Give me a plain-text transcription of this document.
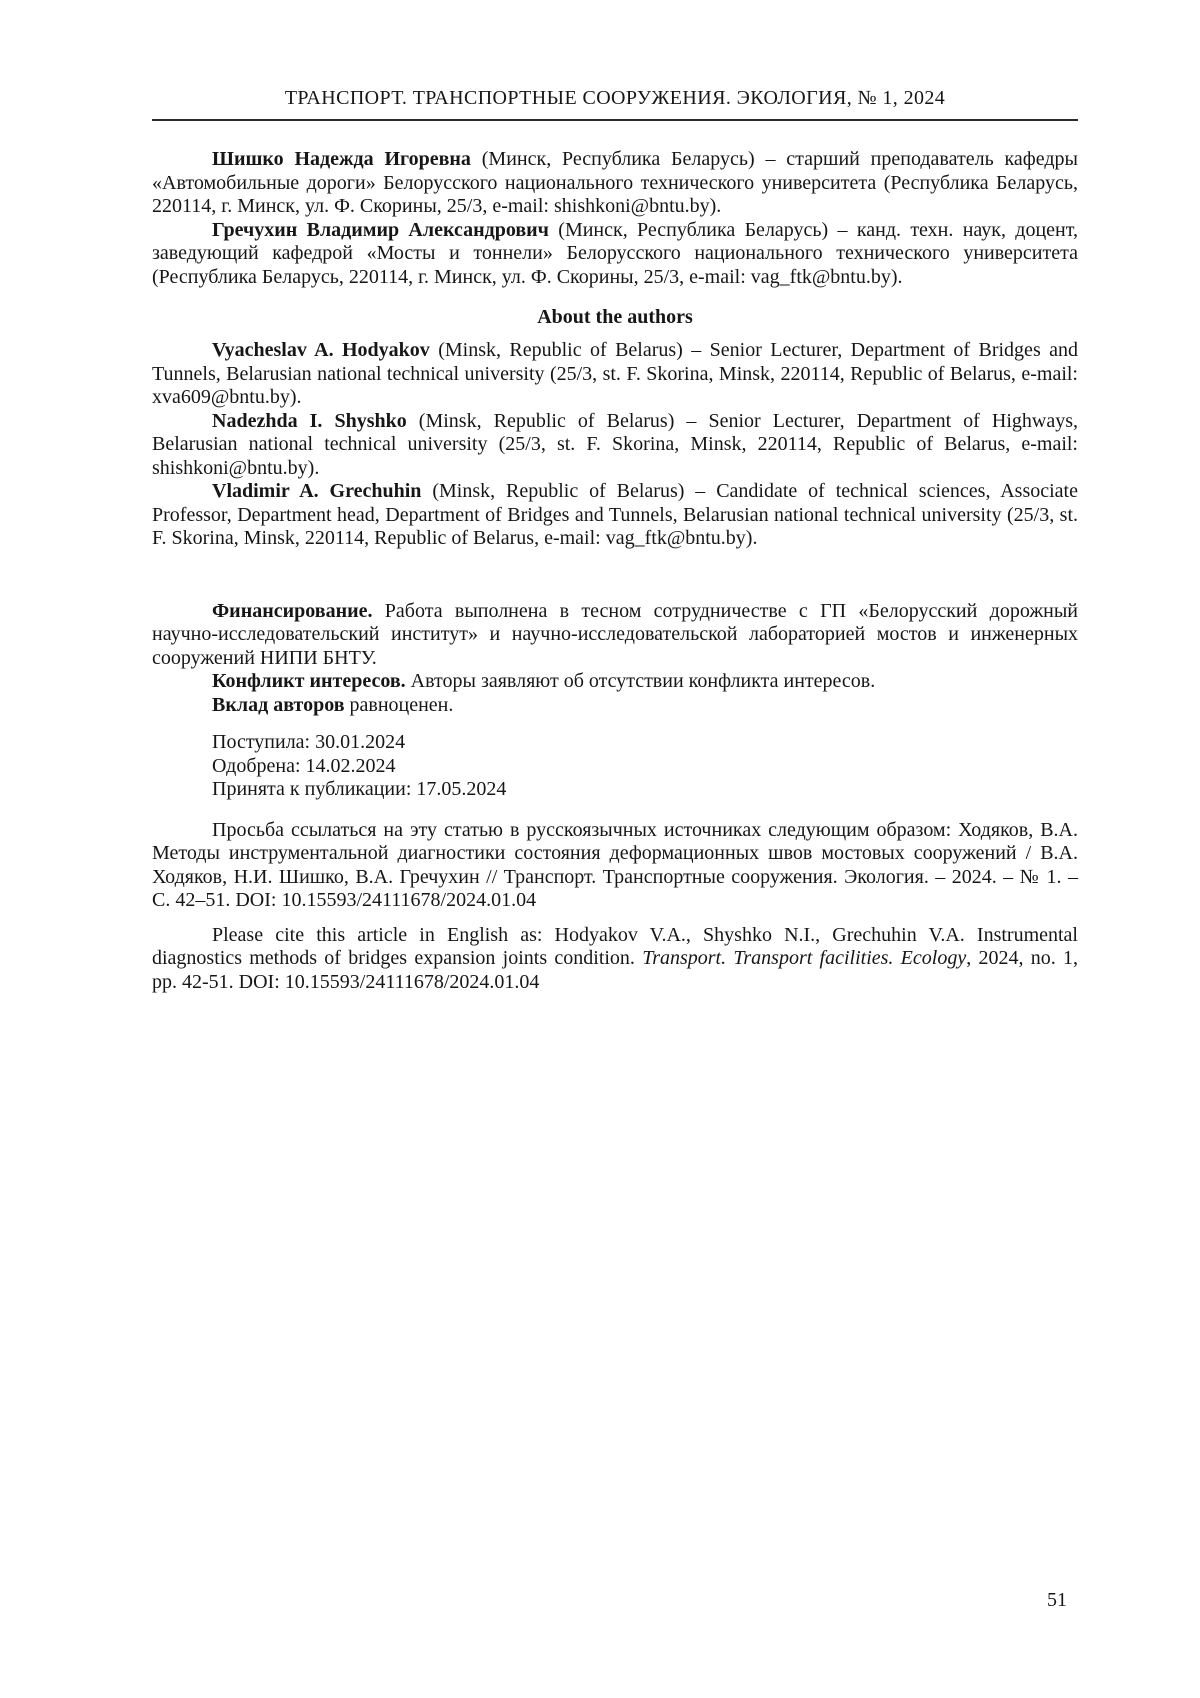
ТРАНСПОРТ. ТРАНСПОРТНЫЕ СООРУЖЕНИЯ. ЭКОЛОГИЯ, № 1, 2024

Шишко Надежда Игоревна (Минск, Республика Беларусь) – старший преподаватель кафедры «Автомобильные дороги» Белорусского национального технического университета (Республика Беларусь, 220114, г. Минск, ул. Ф. Скорины, 25/3, e-mail: shishkoni@bntu.by).

Гречухин Владимир Александрович (Минск, Республика Беларусь) – канд. техн. наук, доцент, заведующий кафедрой «Мосты и тоннели» Белорусского национального технического университета (Республика Беларусь, 220114, г. Минск, ул. Ф. Скорины, 25/3, e-mail: vag_ftk@bntu.by).

About the authors

Vyacheslav A. Hodyakov (Minsk, Republic of Belarus) – Senior Lecturer, Department of Bridges and Tunnels, Belarusian national technical university (25/3, st. F. Skorina, Minsk, 220114, Republic of Belarus, e-mail: xva609@bntu.by).

Nadezhda I. Shyshko (Minsk, Republic of Belarus) – Senior Lecturer, Department of Highways, Belarusian national technical university (25/3, st. F. Skorina, Minsk, 220114, Republic of Belarus, e-mail: shishkoni@bntu.by).

Vladimir A. Grechuhin (Minsk, Republic of Belarus) – Candidate of technical sciences, Associate Professor, Department head, Department of Bridges and Tunnels, Belarusian national technical university (25/3, st. F. Skorina, Minsk, 220114, Republic of Belarus, e-mail: vag_ftk@bntu.by).

Финансирование. Работа выполнена в тесном сотрудничестве с ГП «Белорусский дорожный научно-исследовательский институт» и научно-исследовательской лабораторией мостов и инженерных сооружений НИПИ БНТУ.

Конфликт интересов. Авторы заявляют об отсутствии конфликта интересов.

Вклад авторов равноценен.

Поступила: 30.01.2024

Одобрена: 14.02.2024

Принята к публикации: 17.05.2024

Просьба ссылаться на эту статью в русскоязычных источниках следующим образом: Ходяков, В.А. Методы инструментальной диагностики состояния деформационных швов мостовых сооружений / В.А. Ходяков, Н.И. Шишко, В.А. Гречухин // Транспорт. Транспортные сооружения. Экология. – 2024. – № 1. – С. 42–51. DOI: 10.15593/24111678/2024.01.04

Please cite this article in English as: Hodyakov V.A., Shyshko N.I., Grechuhin V.A. Instrumental diagnostics methods of bridges expansion joints condition. Transport. Transport facilities. Ecology, 2024, no. 1, pp. 42-51. DOI: 10.15593/24111678/2024.01.04

51
